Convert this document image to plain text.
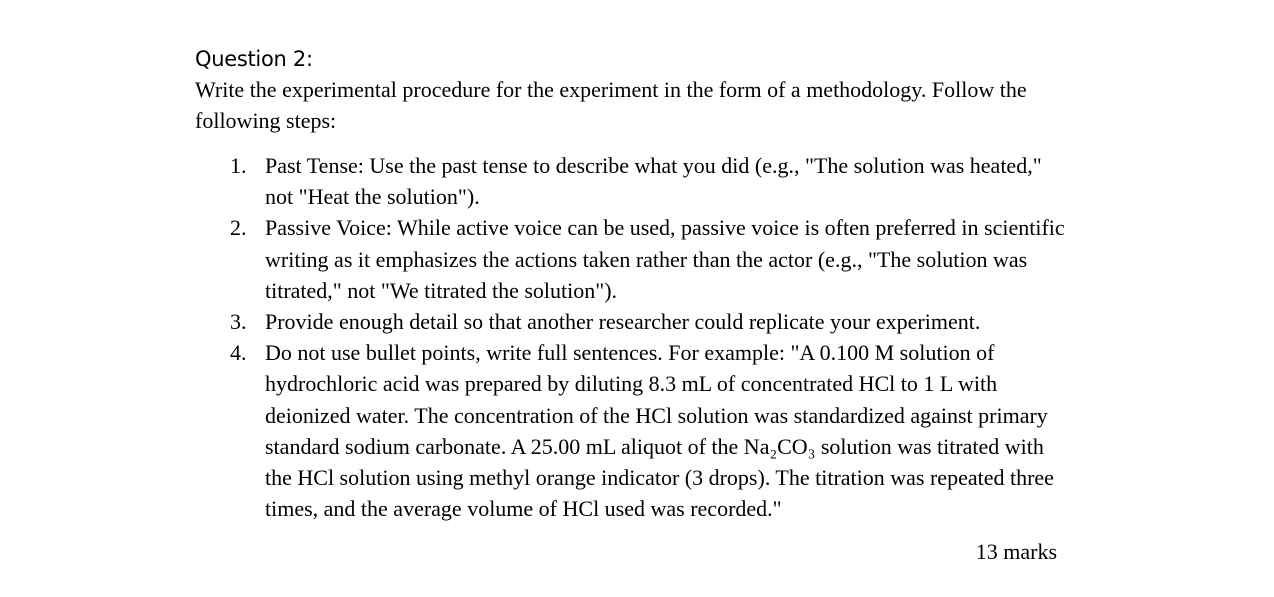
Question 2:

Write the experimental procedure for the experiment in the form of a methodology. Follow the following steps:

1. Past Tense: Use the past tense to describe what you did (e.g., "The solution was heated," not "Heat the solution").
2. Passive Voice: While active voice can be used, passive voice is often preferred in scientific writing as it emphasizes the actions taken rather than the actor (e.g., "The solution was titrated," not "We titrated the solution").
3. Provide enough detail so that another researcher could replicate your experiment.
4. Do not use bullet points, write full sentences. For example: "A 0.100 M solution of hydrochloric acid was prepared by diluting 8.3 mL of concentrated HCl to 1 L with deionized water. The concentration of the HCl solution was standardized against primary standard sodium carbonate. A 25.00 mL aliquot of the Na₂CO₃ solution was titrated with the HCl solution using methyl orange indicator (3 drops). The titration was repeated three times, and the average volume of HCl used was recorded."
13 marks
